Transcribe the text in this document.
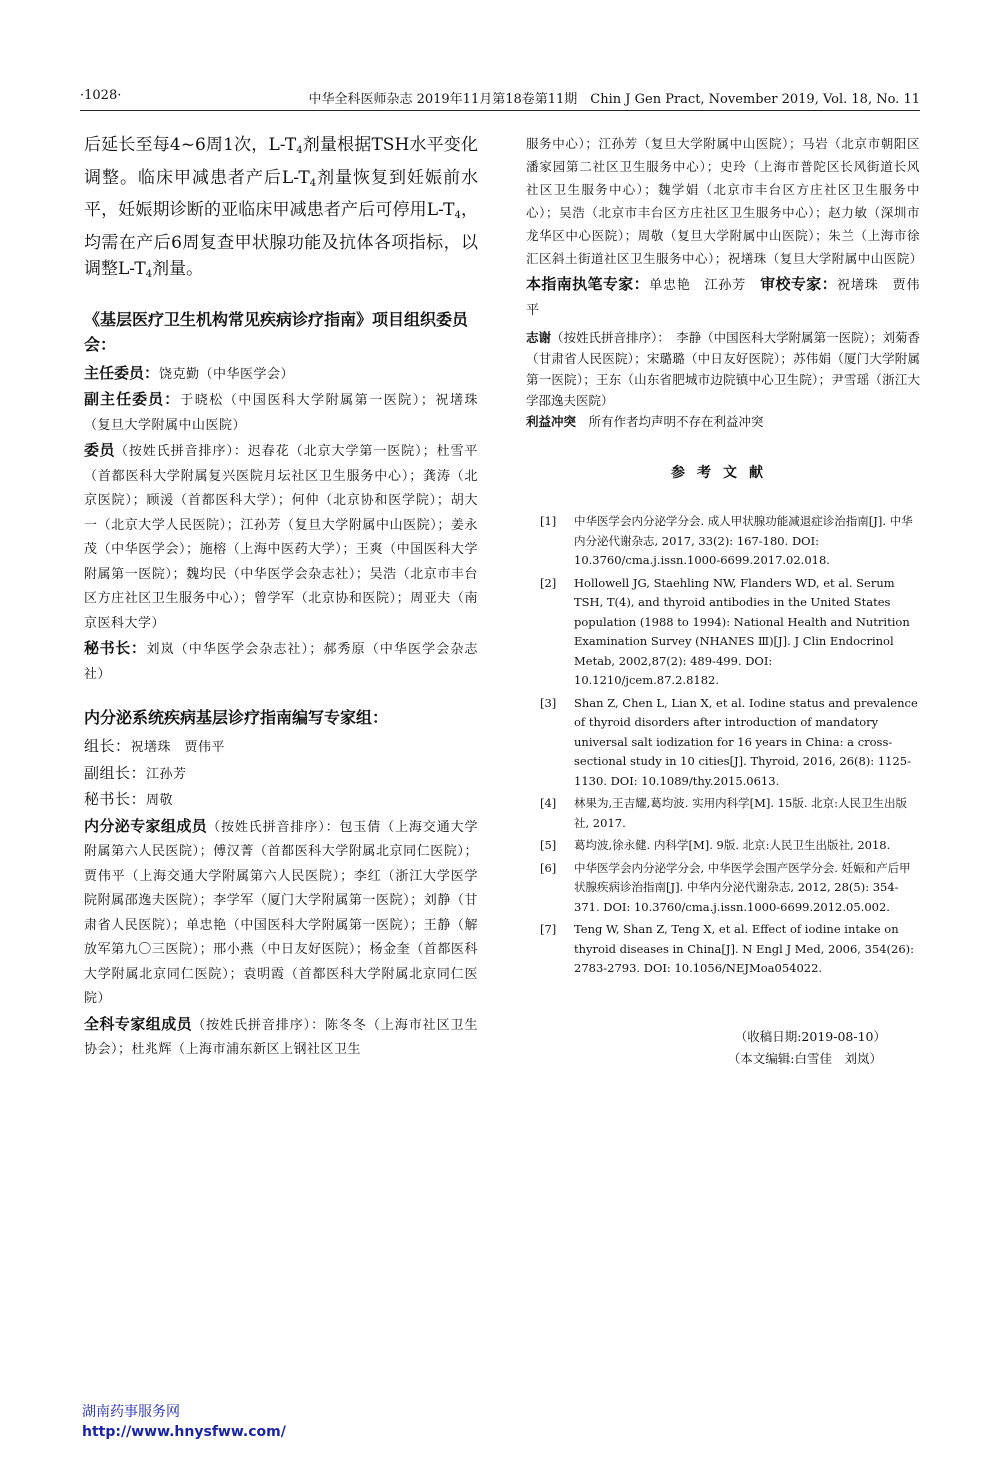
·1028·	中华全科医师杂志 2019年11月第18卷第11期　Chin J Gen Pract, November 2019, Vol. 18, No. 11

后延长至每4~6周1次，$L-T_4$剂量根据TSH水平变化调整。临床甲减患者产后$L-T_4$剂量恢复到妊娠前水平，妊娠期诊断的亚临床甲减患者产后可停用$L-T_4$，均需在产后6周复查甲状腺功能及抗体各项指标，以调整$L-T_4$剂量。

《基层医疗卫生机构常见疾病诊疗指南》项目组织委员会：

主任委员：饶克勤（中华医学会）

副主任委员：于晓松（中国医科大学附属第一医院）；祝墡珠（复旦大学附属中山医院）

委员（按姓氏拼音排序）：迟春花（北京大学第一医院）；杜雪平（首都医科大学附属复兴医院月坛社区卫生服务中心）；龚涛（北京医院）；顾湲（首都医科大学）；何仲（北京协和医学院）；胡大一（北京大学人民医院）；江孙芳（复旦大学附属中山医院）；姜永茂（中华医学会）；施榕（上海中医药大学）；王爽（中国医科大学附属第一医院）；魏均民（中华医学会杂志社）；吴浩（北京市丰台区方庄社区卫生服务中心）；曾学军（北京协和医院）；周亚夫（南京医科大学）

秘书长：刘岚（中华医学会杂志社）；郝秀原（中华医学会杂志社）

内分泌系统疾病基层诊疗指南编写专家组：

组长：祝墡珠　贾伟平

副组长：江孙芳

秘书长：周敬

内分泌专家组成员（按姓氏拼音排序）：包玉倩（上海交通大学附属第六人民医院）；傅汉菁（首都医科大学附属北京同仁医院）；贾伟平（上海交通大学附属第六人民医院）；李红（浙江大学医学院附属邵逸夫医院）；李学军（厦门大学附属第一医院）；刘静（甘肃省人民医院）；单忠艳（中国医科大学附属第一医院）；王静（解放军第九〇三医院）；邢小燕（中日友好医院）；杨金奎（首都医科大学附属北京同仁医院）；袁明霞（首都医科大学附属北京同仁医院）

全科专家组成员（按姓氏拼音排序）：陈冬冬（上海市社区卫生协会）；杜兆辉（上海市浦东新区上钢社区卫生

服务中心）；江孙芳（复旦大学附属中山医院）；马岩（北京市朝阳区潘家园第二社区卫生服务中心）；史玲（上海市普陀区长风街道长风社区卫生服务中心）；魏学娟（北京市丰台区方庄社区卫生服务中心）；吴浩（北京市丰台区方庄社区卫生服务中心）；赵力敏（深圳市龙华区中心医院）；周敬（复旦大学附属中山医院）；朱兰（上海市徐汇区斜土街道社区卫生服务中心）；祝墡珠（复旦大学附属中山医院）

本指南执笔专家：单忠艳　江孙芳　 审校专家：祝墡珠　贾伟平

志谢（按姓氏拼音排序）：　李静（中国医科大学附属第一医院）；刘菊香（甘肃省人民医院）；宋璐璐（中日友好医院）；苏伟娟（厦门大学附属第一医院）；王东（山东省肥城市边院镇中心卫生院）；尹雪瑶（浙江大学邵逸夫医院）

利益冲突　所有作者均声明不存在利益冲突

参考文献

[1] 中华医学会内分泌学分会. 成人甲状腺功能减退症诊治指南[J]. 中华内分泌代谢杂志, 2017, 33(2): 167-180. DOI: 10.3760/cma.j.issn.1000-6699.2017.02.018.
[2] Hollowell JG, Staehling NW, Flanders WD, et al. Serum TSH, T(4), and thyroid antibodies in the United States population (1988 to 1994): National Health and Nutrition Examination Survey (NHANES Ⅲ)[J]. J Clin Endocrinol Metab, 2002,87(2): 489-499. DOI: 10.1210/jcem.87.2.8182.
[3] Shan Z, Chen L, Lian X, et al. Iodine status and prevalence of thyroid disorders after introduction of mandatory universal salt iodization for 16 years in China: a cross-sectional study in 10 cities[J]. Thyroid, 2016, 26(8): 1125-1130. DOI: 10.1089/thy.2015.0613.
[4] 林果为,王吉耀,葛均波. 实用内科学[M]. 15版. 北京:人民卫生出版社, 2017.
[5] 葛均波,徐永健. 内科学[M]. 9版. 北京:人民卫生出版社, 2018.
[6] 中华医学会内分泌学分会, 中华医学会围产医学分会. 妊娠和产后甲状腺疾病诊治指南[J]. 中华内分泌代谢杂志, 2012, 28(5): 354-371. DOI: 10.3760/cma.j.issn.1000-6699.2012.05.002.
[7] Teng W, Shan Z, Teng X, et al. Effect of iodine intake on thyroid diseases in China[J]. N Engl J Med, 2006, 354(26): 2783-2793. DOI: 10.1056/NEJMoa054022.

（收稿日期:2019-08-10）

（本文编辑:白雪佳　刘岚）

湖南药事服务网
http://www.hnysfww.com/
